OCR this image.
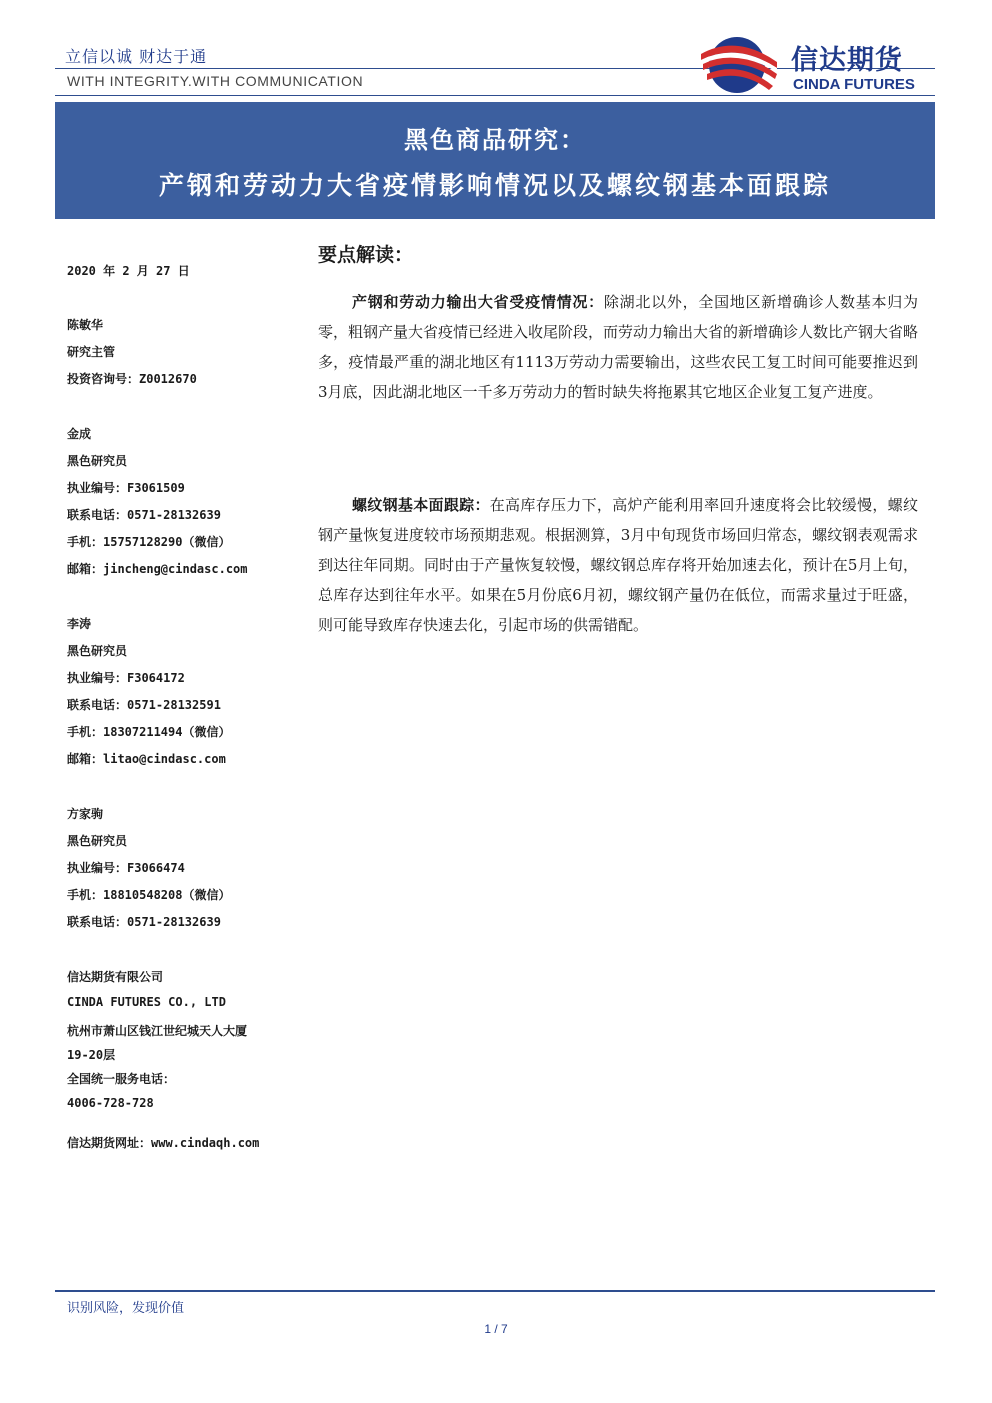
立信以诚 财达于通
WITH INTEGRITY.WITH COMMUNICATION
信达期货
CINDA FUTURES
黑色商品研究：
产钢和劳动力大省疫情影响情况以及螺纹钢基本面跟踪
2020 年 2 月 27 日
陈敏华
研究主管
投资咨询号：Z0012670
金成
黑色研究员
执业编号：F3061509
联系电话：0571-28132639
手机：15757128290（微信）
邮箱：jincheng@cindasc.com
李涛
黑色研究员
执业编号：F3064172
联系电话：0571-28132591
手机：18307211494（微信）
邮箱：litao@cindasc.com
方家驹
黑色研究员
执业编号：F3066474
手机：18810548208（微信）
联系电话：0571-28132639
信达期货有限公司
CINDA FUTURES CO., LTD
杭州市萧山区钱江世纪城天人大厦
19-20层
全国统一服务电话：
4006-728-728
信达期货网址：www.cindaqh.com
要点解读：
产钢和劳动力输出大省受疫情情况：除湖北以外，全国地区新增确诊人数基本归为零，粗钢产量大省疫情已经进入收尾阶段，而劳动力输出大省的新增确诊人数比产钢大省略多，疫情最严重的湖北地区有1113万劳动力需要输出，这些农民工复工时间可能要推迟到3月底，因此湖北地区一千多万劳动力的暂时缺失将拖累其它地区企业复工复产进度。
螺纹钢基本面跟踪：在高库存压力下，高炉产能利用率回升速度将会比较缓慢，螺纹钢产量恢复进度较市场预期悲观。根据测算，3月中旬现货市场回归常态，螺纹钢表观需求到达往年同期。同时由于产量恢复较慢，螺纹钢总库存将开始加速去化，预计在5月上旬，总库存达到往年水平。如果在5月份底6月初，螺纹钢产量仍在低位，而需求量过于旺盛，则可能导致库存快速去化，引起市场的供需错配。
识别风险，发现价值
1 / 7
